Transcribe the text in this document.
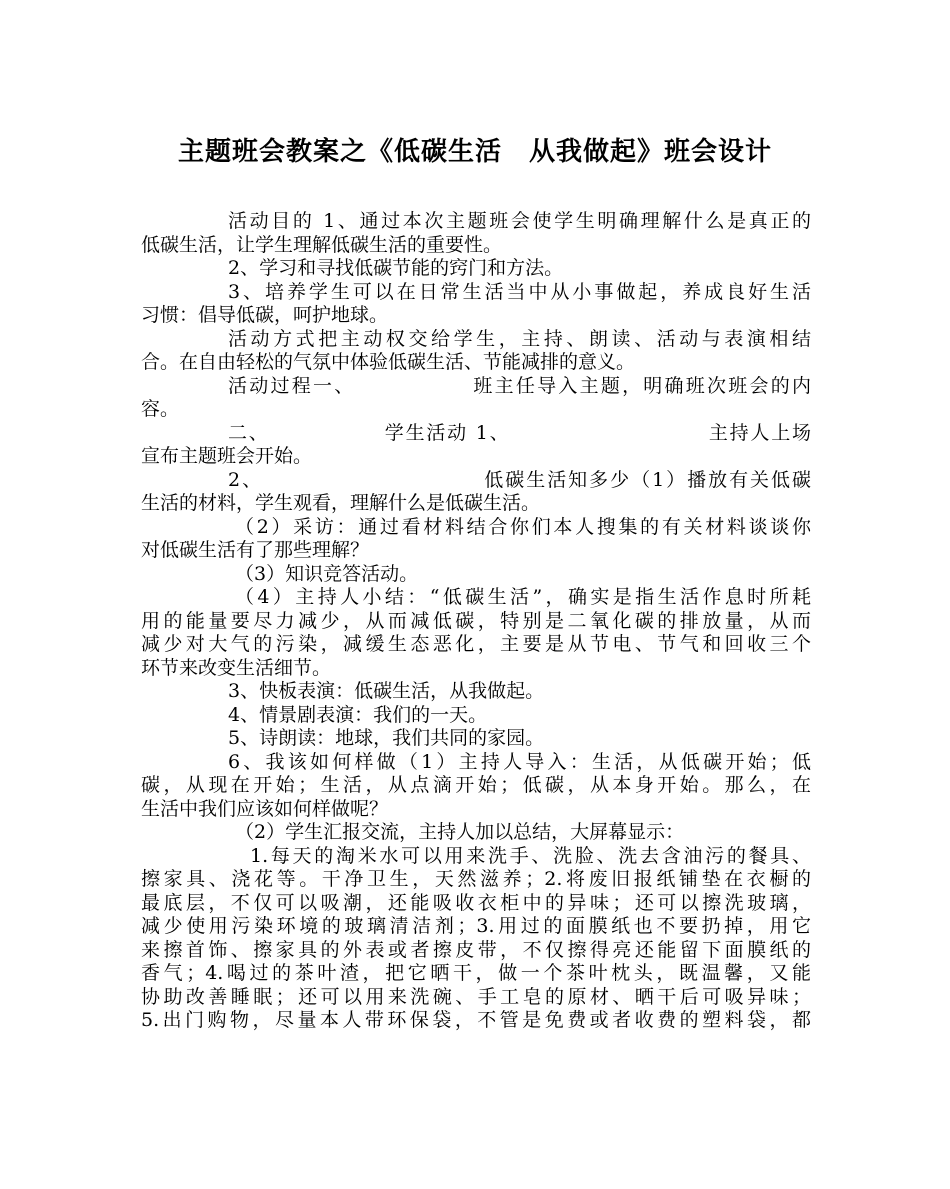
主题班会教案之《低碳生活　从我做起》班会设计
活动目的 1、通过本次主题班会使学生明确理解什么是真正的
低碳生活，让学生理解低碳生活的重要性。
2、学习和寻找低碳节能的窍门和方法。
3、培养学生可以在日常生活当中从小事做起，养成良好生活
习惯：倡导低碳，呵护地球。
活动方式把主动权交给学生，主持、朗读、活动与表演相结
合。在自由轻松的气氛中体验低碳生活、节能减排的意义。
活动过程一、　　　　　　班主任导入主题，明确班次班会的内
容。
二、　　　　　　学生活动 1、　　　　　　　　　　主持人上场
宣布主题班会开始。
2、　　　　　　　　　　　低碳生活知多少（1）播放有关低碳
生活的材料，学生观看，理解什么是低碳生活。
（2）采访：通过看材料结合你们本人搜集的有关材料谈谈你
对低碳生活有了那些理解？
（3）知识竞答活动。
（4）主持人小结：“低碳生活”，确实是指生活作息时所耗
用的能量要尽力减少，从而减低碳，特别是二氧化碳的排放量，从而
减少对大气的污染，减缓生态恶化，主要是从节电、节气和回收三个
环节来改变生活细节。
3、快板表演：低碳生活，从我做起。
4、情景剧表演：我们的一天。
5、诗朗读：地球，我们共同的家园。
6、我该如何样做（1）主持人导入：生活，从低碳开始；低
碳，从现在开始；生活，从点滴开始；低碳，从本身开始。那么，在
生活中我们应该如何样做呢？
（2）学生汇报交流，主持人加以总结，大屏幕显示：
1.每天的淘米水可以用来洗手、洗脸、洗去含油污的餐具、
擦家具、浇花等。干净卫生，天然滋养；2.将废旧报纸铺垫在衣橱的
最底层，不仅可以吸潮，还能吸收衣柜中的异味；还可以擦洗玻璃，
减少使用污染环境的玻璃清洁剂；3.用过的面膜纸也不要扔掉，用它
来擦首饰、擦家具的外表或者擦皮带，不仅擦得亮还能留下面膜纸的
香气；4.喝过的茶叶渣，把它晒干，做一个茶叶枕头，既温馨，又能
协助改善睡眠；还可以用来洗碗、手工皂的原材、晒干后可吸异味；
5.出门购物，尽量本人带环保袋，不管是免费或者收费的塑料袋，都
